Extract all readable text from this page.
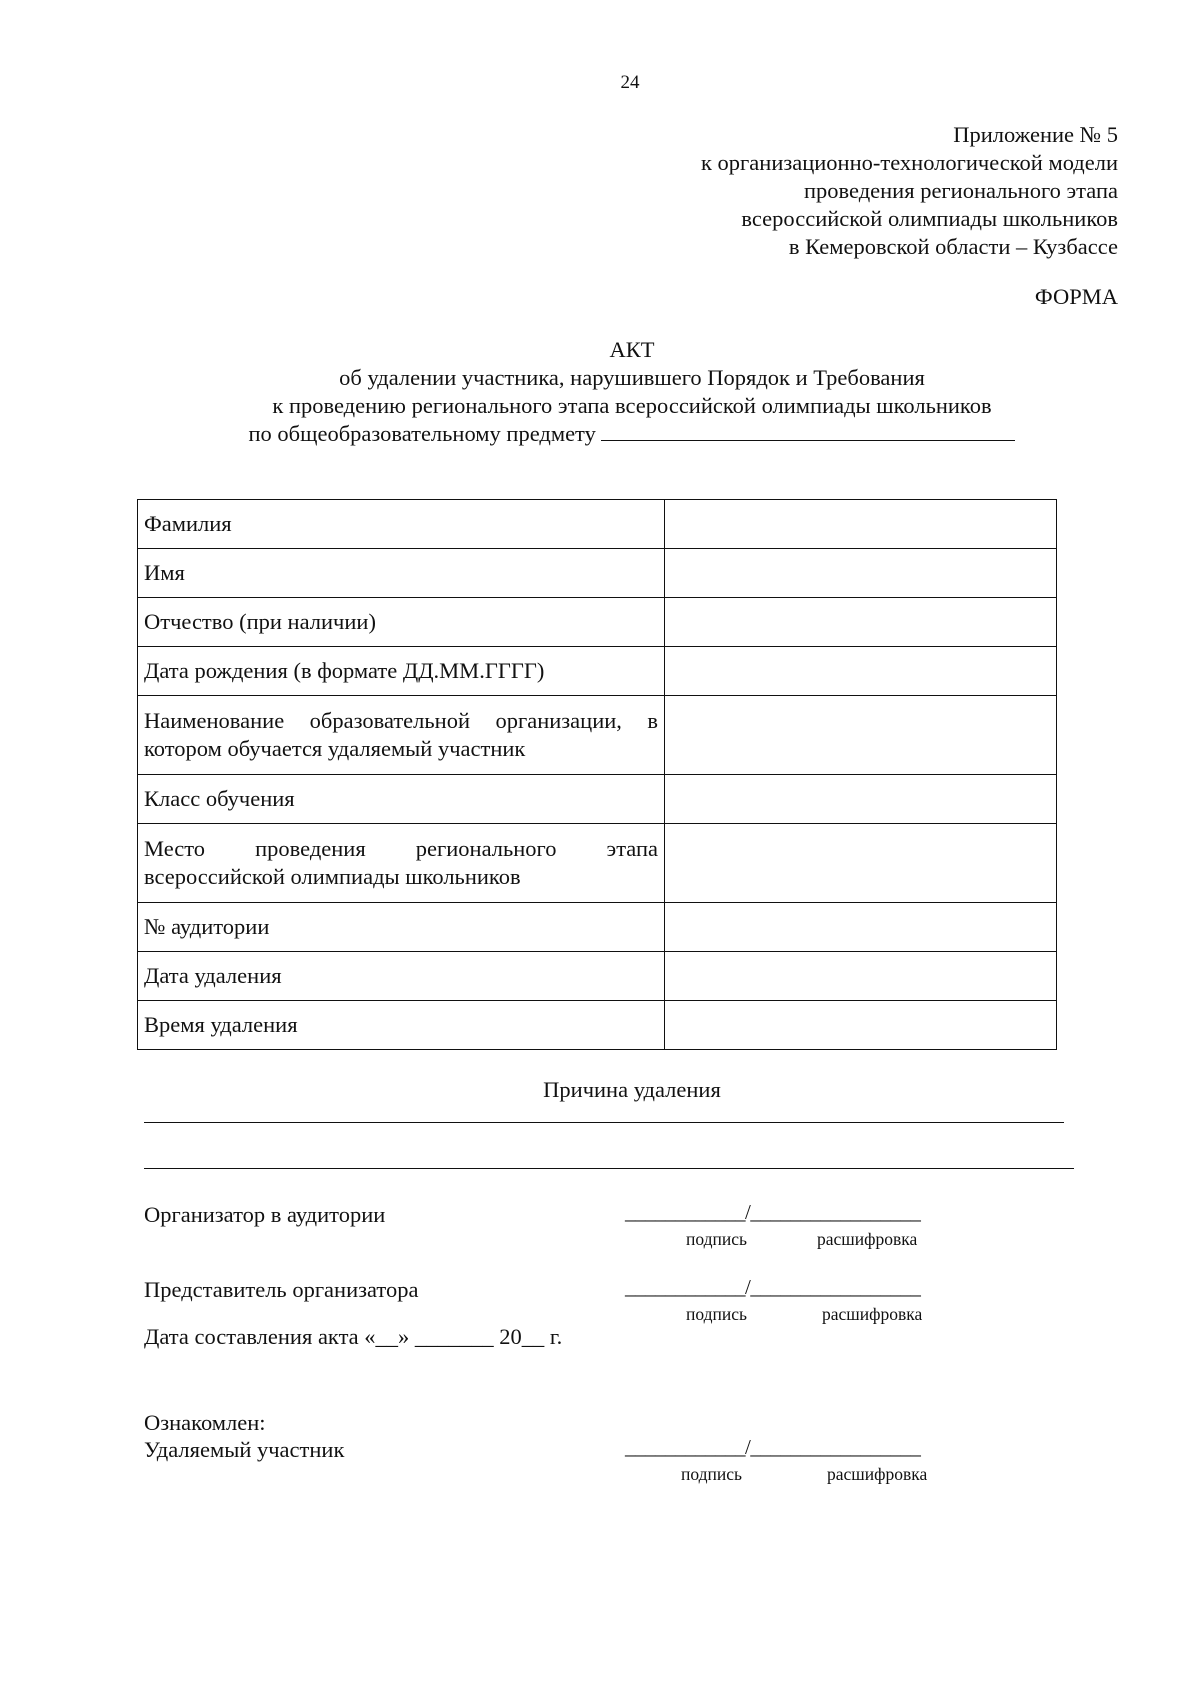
24
Приложение № 5
к организационно-технологической модели
проведения регионального этапа
всероссийской олимпиады школьников
в Кемеровской области – Кузбассе
ФОРМА
АКТ
об удалении участника, нарушившего Порядок и Требования
к проведению регионального этапа всероссийской олимпиады школьников
по общеобразовательному предмету
Фамилия	
Имя	
Отчество (при наличии)	
Дата рождения (в формате ДД.ММ.ГГГГ)	
Наименование образовательной организации, в котором обучается удаляемый участник	
Класс обучения	
Место проведения регионального этапа всероссийской олимпиады школьников	
№ аудитории	
Дата удаления	
Время удаления	
Причина удаления
Организатор в аудитории	____________/_________________
подпись	расшифровка
Представитель организатора	____________/_________________
подпись	расшифровка
Дата составления акта «__» _______ 20__ г.
Ознакомлен:
Удаляемый участник	____________/_________________
подпись	расшифровка
